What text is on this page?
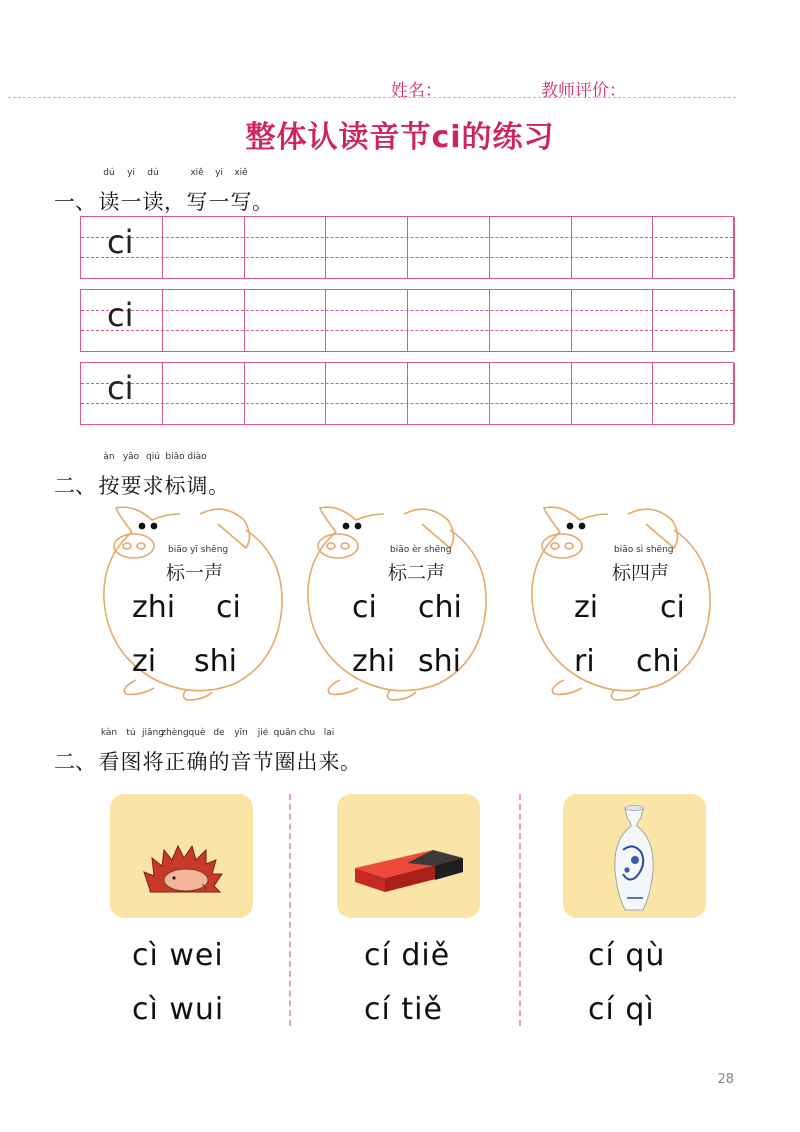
姓名：	教师评价：
整体认读音节ci的练习
一、
dú
读
yi
一
dú
读 ，
xiě
写
yi
一
xiě
写 。
ci
ci
ci
二、
àn
按
yāo
要
qiú
求
biāo
标
diào
调 。
biāo yī shēng
标一声
zhi ci
zi shi
biāo èr shēng
标二声
ci chi
zhi shi
biāo sì shēng
标四声
zi ci
ri chi
二、
kàn
看
tú
图
jiāng
将
zhèng
正
què
确
de
的
yīn
音
jié
节
quān
圈
chu
出
lai
来 。
cì wei
cì wui
cí diě
cí tiě
cí qù
cí qì
28
